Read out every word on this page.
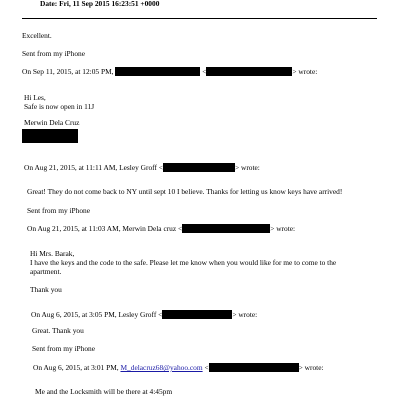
Date: Fri, 11 Sep 2015 16:23:51 +0000
Excellent.
Sent from my iPhone
On Sep 11, 2015, at 12:05 PM,	<	> wrote:
Hi Les,
Safe is now open in 11J
Merwin Dela Cruz
On Aug 21, 2015, at 11:11 AM, Lesley Groff <	> wrote:
Great! They do not come back to NY until sept 10 I believe. Thanks for letting us know keys have arrived!
Sent from my iPhone
On Aug 21, 2015, at 11:03 AM, Merwin Dela cruz <	> wrote:
Hi Mrs. Barak,
I have the keys and the code to the safe. Please let me know when you would like for me to come to the
apartment.
Thank you
On Aug 6, 2015, at 3:05 PM, Lesley Groff <	> wrote:
Great. Thank you
Sent from my iPhone
On Aug 6, 2015, at 3:01 PM, M_delacruz68@yahoo.com <	> wrote:
Me and the Locksmith will be there at 4:45pm
